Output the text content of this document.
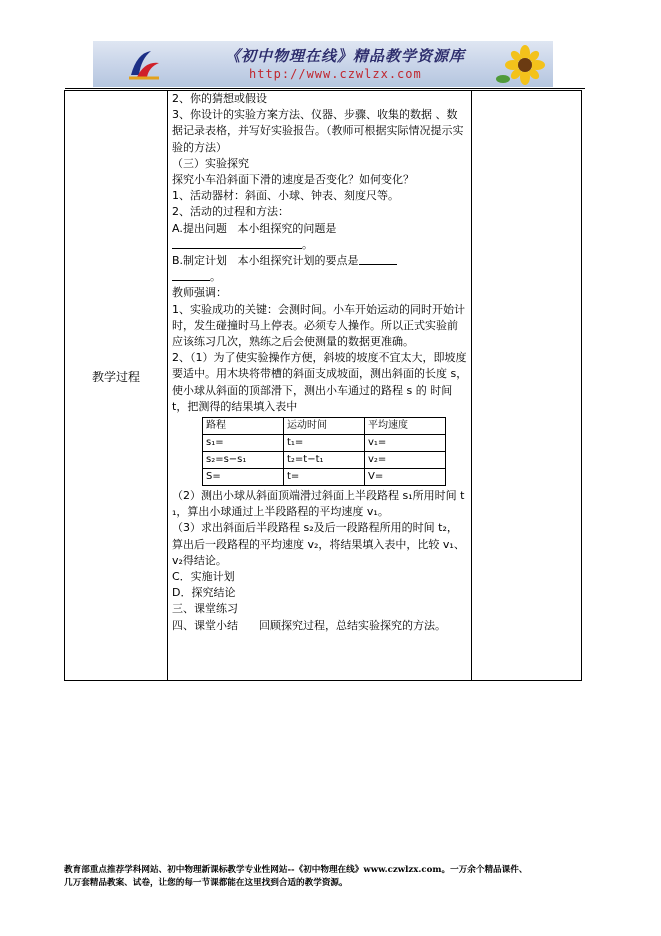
《初中物理在线》精品教学资源库
http://www.czwlzx.com
教学过程

2、你的猜想或假设

3、你设计的实验方案方法、仪器、步骤、收集的数据 、数据记录表格，并写好实验报告。（教师可根据实际情况提示实验的方法）

（三）实验探究

探究小车沿斜面下滑的速度是否变化？如何变化？

1、活动器材：斜面、小球、钟表、刻度尺等。

2、活动的过程和方法：

A.提出问题   本小组探究的问题是

。

B.制定计划   本小组探究计划的要点是

。

教师强调：

1、实验成功的关键：会测时间。小车开始运动的同时开始计时，发生碰撞时马上停表。必须专人操作。所以正式实验前应该练习几次，熟练之后会使测量的数据更准确。

2、（1）为了使实验操作方便，斜坡的坡度不宜太大，即坡度要适中。用木块将带槽的斜面支成坡面，测出斜面的长度 s，使小球从斜面的顶部滑下，测出小车通过的路程 s 的 时间 t，把测得的结果填入表中

路程	运动时间	平均速度
s₁=	t₁=	v₁=
s₂=s−s₁	t₂=t−t₁	v₂=
S=	t=	V=

（2）测出小球从斜面顶端滑过斜面上半段路程 s₁所用时间 t₁，算出小球通过上半段路程的平均速度 v₁。

（3）求出斜面后半段路程 s₂及后一段路程所用的时间 t₂，算出后一段路程的平均速度 v₂，将结果填入表中，比较 v₁、v₂得结论。

C．实施计划

D．探究结论

三、课堂练习

四、课堂小结      回顾探究过程，总结实验探究的方法。

教育部重点推荐学科网站、初中物理新课标教学专业性网站--《初中物理在线》www.czwlzx.com。一万余个精品课件、

几万套精品教案、试卷，让您的每一节课都能在这里找到合适的教学资源。
